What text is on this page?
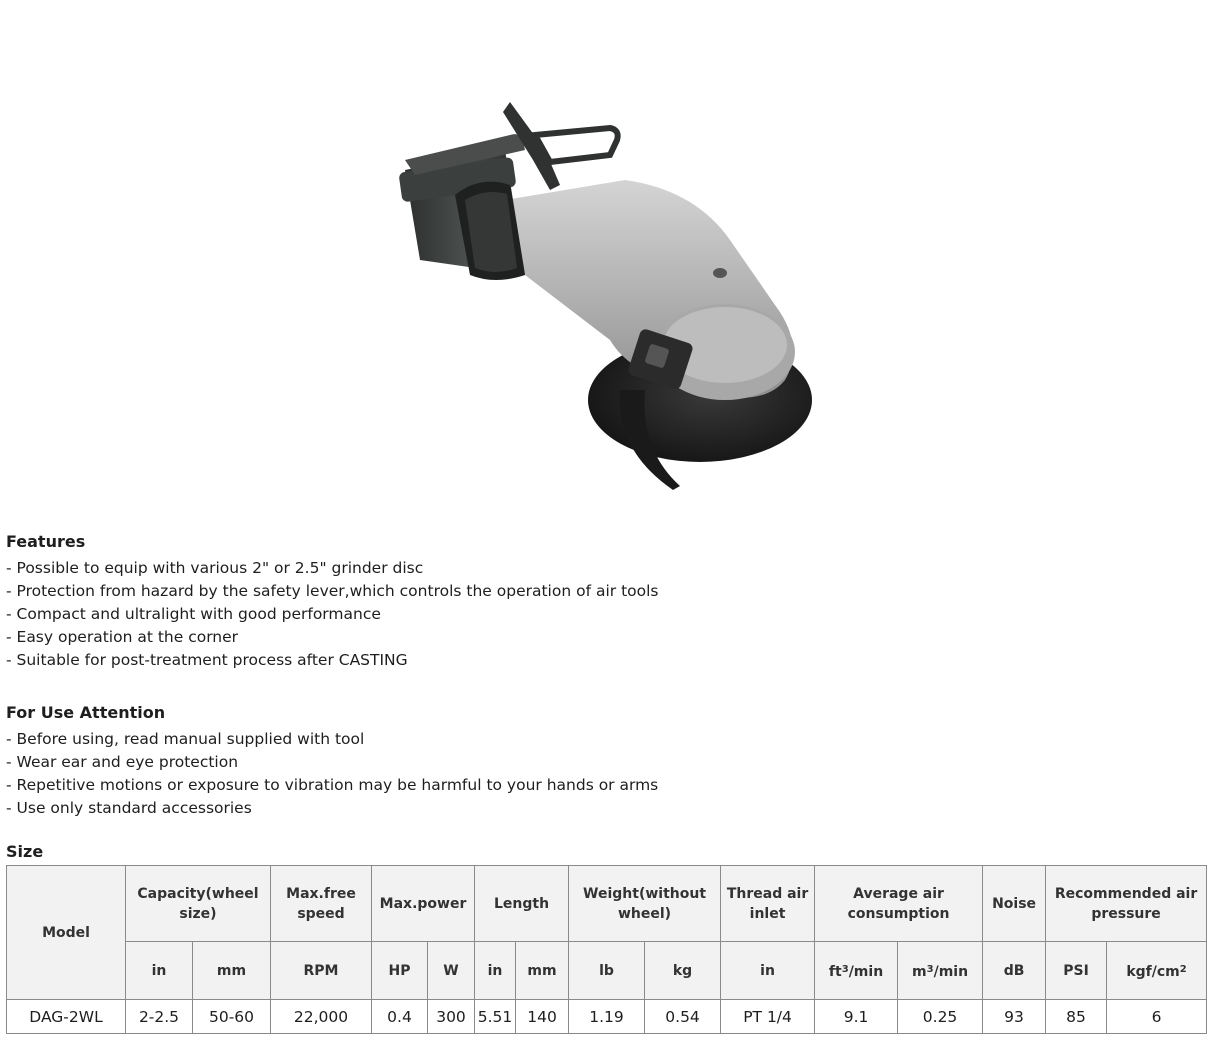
Features
- Possible to equip with various 2" or 2.5" grinder disc
- Protection from hazard by the safety lever,which controls the operation of air tools
- Compact and ultralight with good performance
- Easy operation at the corner
- Suitable for post-treatment process after CASTING
For Use Attention
- Before using, read manual supplied with tool
- Wear ear and eye protection
- Repetitive motions or exposure to vibration may be harmful to your hands or arms
- Use only standard accessories
Size
Model	Capacity(wheel size)		Max.free speed	Max.power		Length		Weight(without wheel)		Thread air inlet	Average air consumption		Noise	Recommended air pressure	
	in	mm	RPM	HP	W	in	mm	lb	kg	in	$ft^3/\min$	$m^3/\min$	dB	PSI	kgf/$cm^2$
DAG-2WL	2-2.5	50-60	22,000	0.4	300	5.51	140	1.19	0.54	PT 1/4	9.1	0.25	93	85	6
